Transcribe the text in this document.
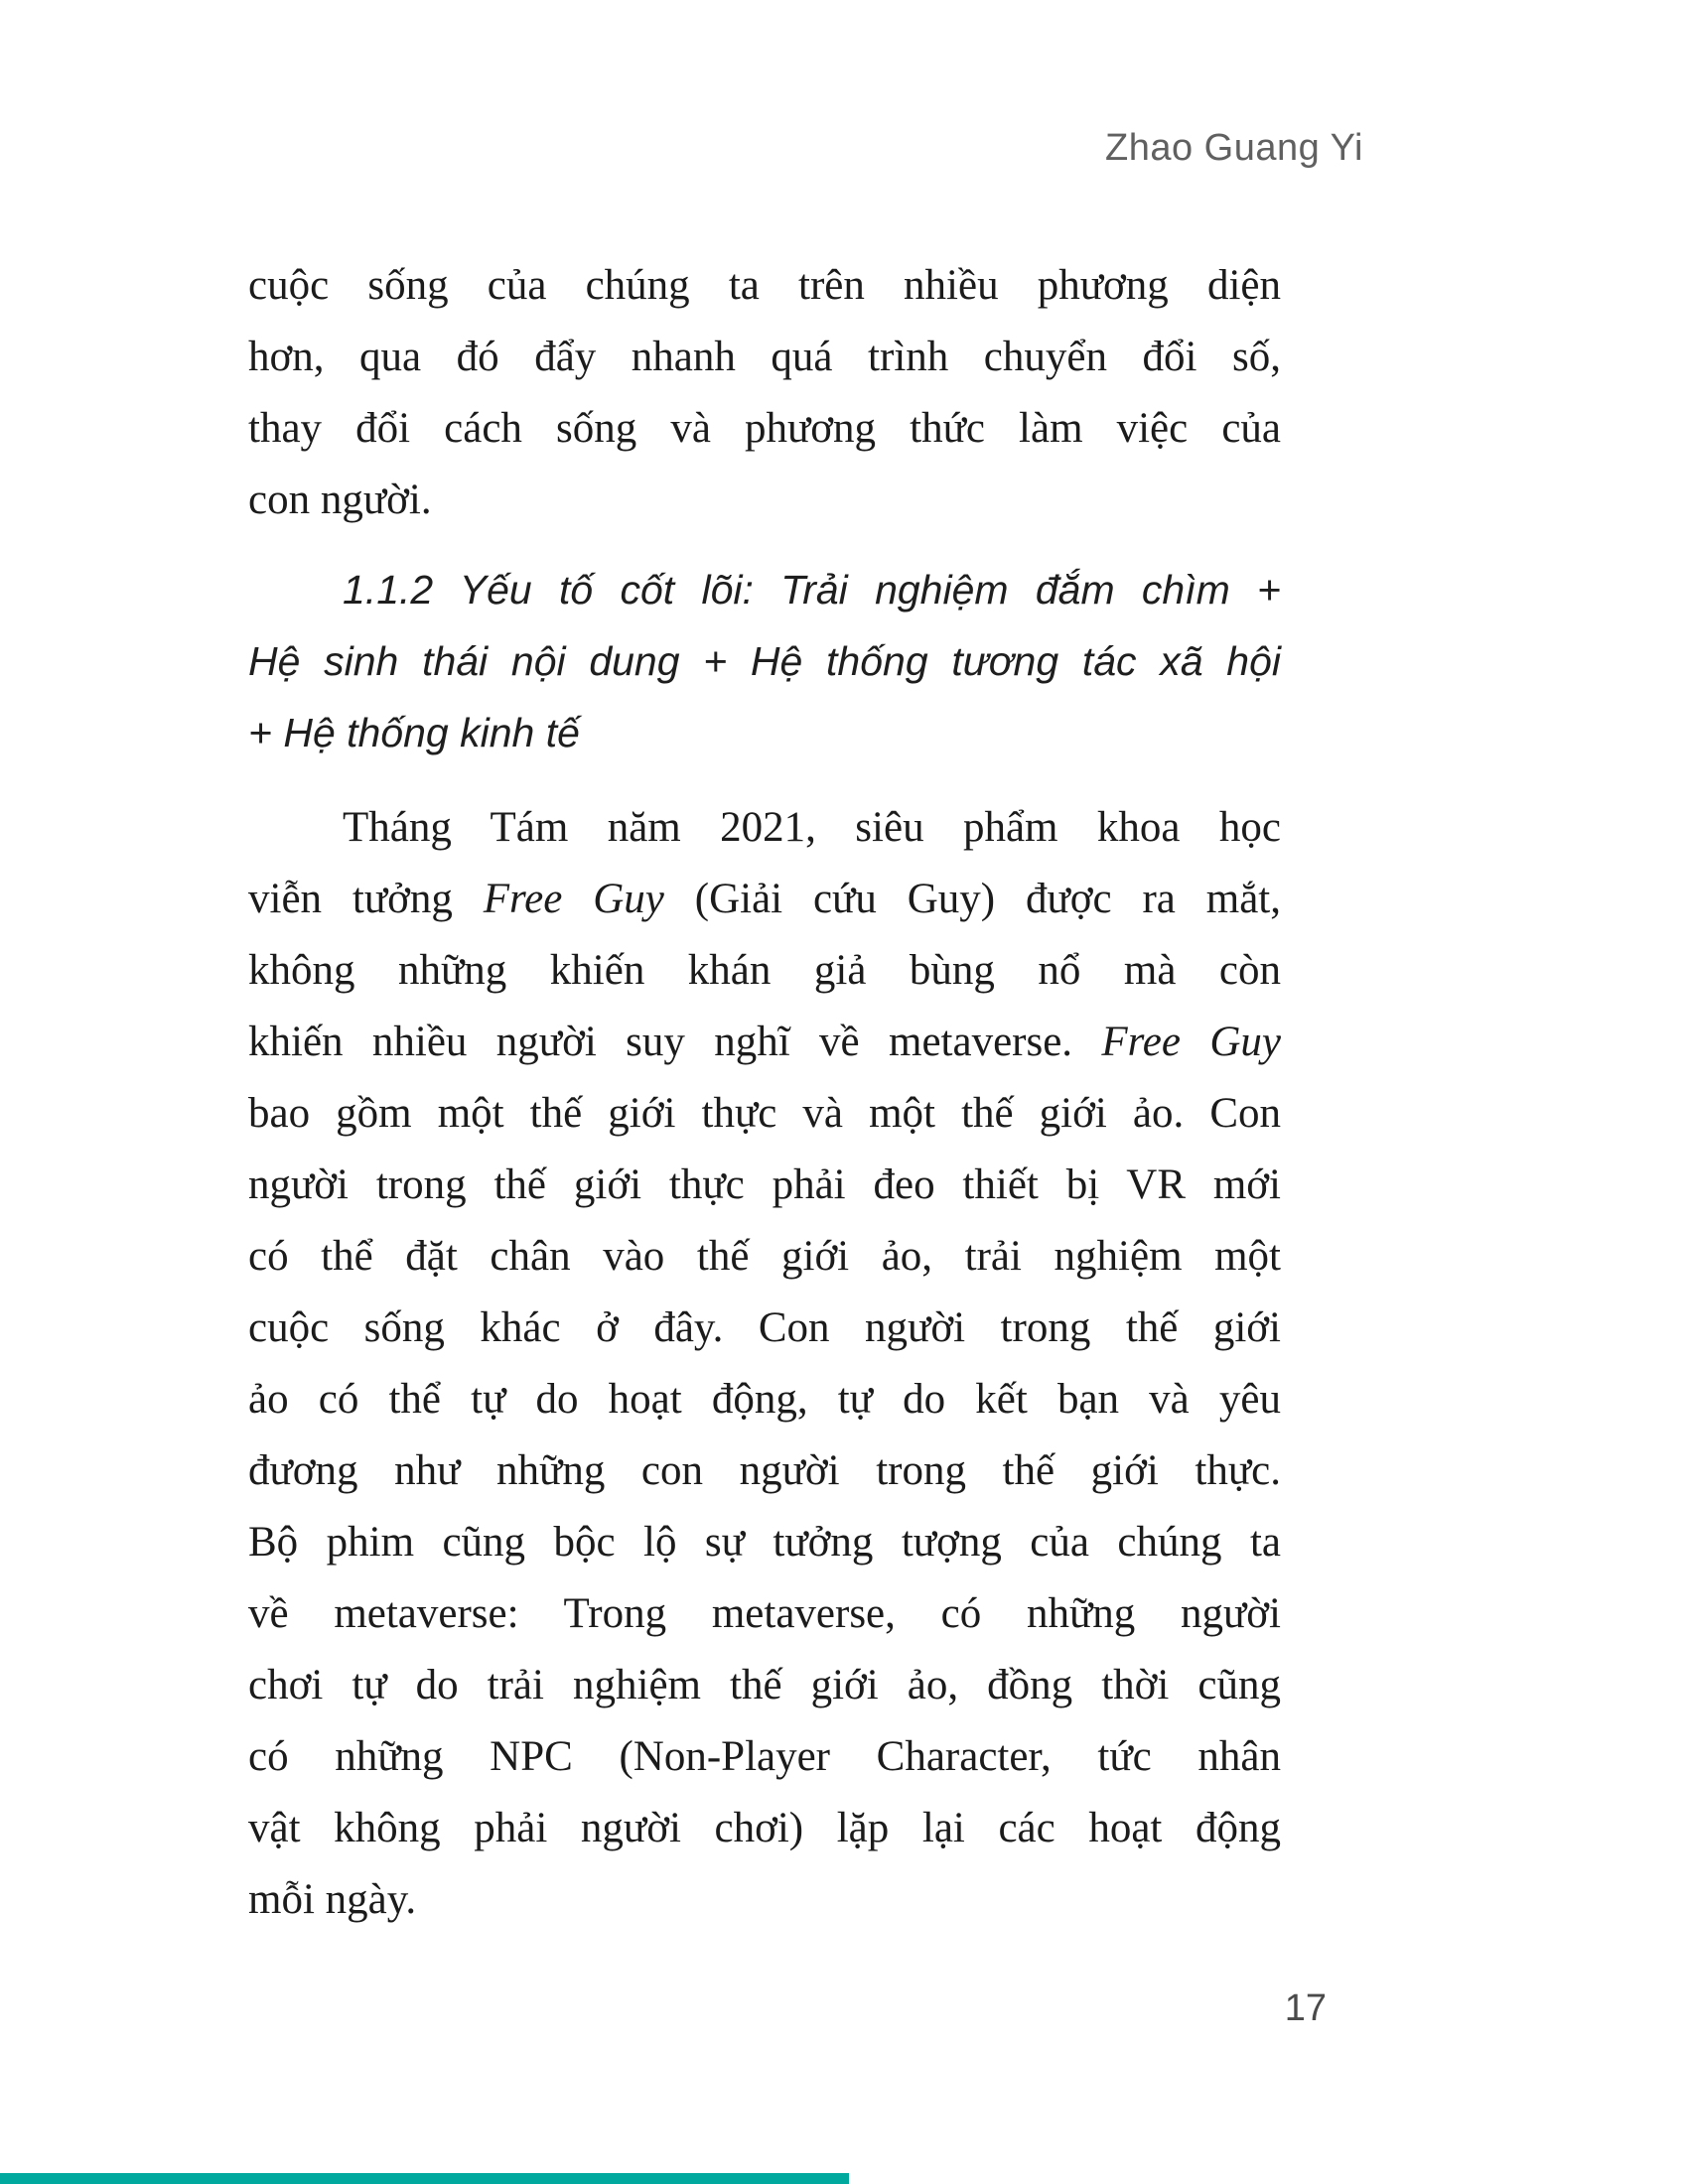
Zhao Guang Yi
cuộc sống của chúng ta trên nhiều phương diện
hơn, qua đó đẩy nhanh quá trình chuyển đổi số,
thay đổi cách sống và phương thức làm việc của
con người.
1.1.2 Yếu tố cốt lõi: Trải nghiệm đắm chìm +
Hệ sinh thái nội dung + Hệ thống tương tác xã hội
+ Hệ thống kinh tế
Tháng Tám năm 2021, siêu phẩm khoa học
viễn tưởng Free Guy (Giải cứu Guy) được ra mắt,
không những khiến khán giả bùng nổ mà còn
khiến nhiều người suy nghĩ về metaverse. Free Guy
bao gồm một thế giới thực và một thế giới ảo. Con
người trong thế giới thực phải đeo thiết bị VR mới
có thể đặt chân vào thế giới ảo, trải nghiệm một
cuộc sống khác ở đây. Con người trong thế giới
ảo có thể tự do hoạt động, tự do kết bạn và yêu
đương như những con người trong thế giới thực.
Bộ phim cũng bộc lộ sự tưởng tượng của chúng ta
về metaverse: Trong metaverse, có những người
chơi tự do trải nghiệm thế giới ảo, đồng thời cũng
có những NPC (Non-Player Character, tức nhân
vật không phải người chơi) lặp lại các hoạt động
mỗi ngày.
17
